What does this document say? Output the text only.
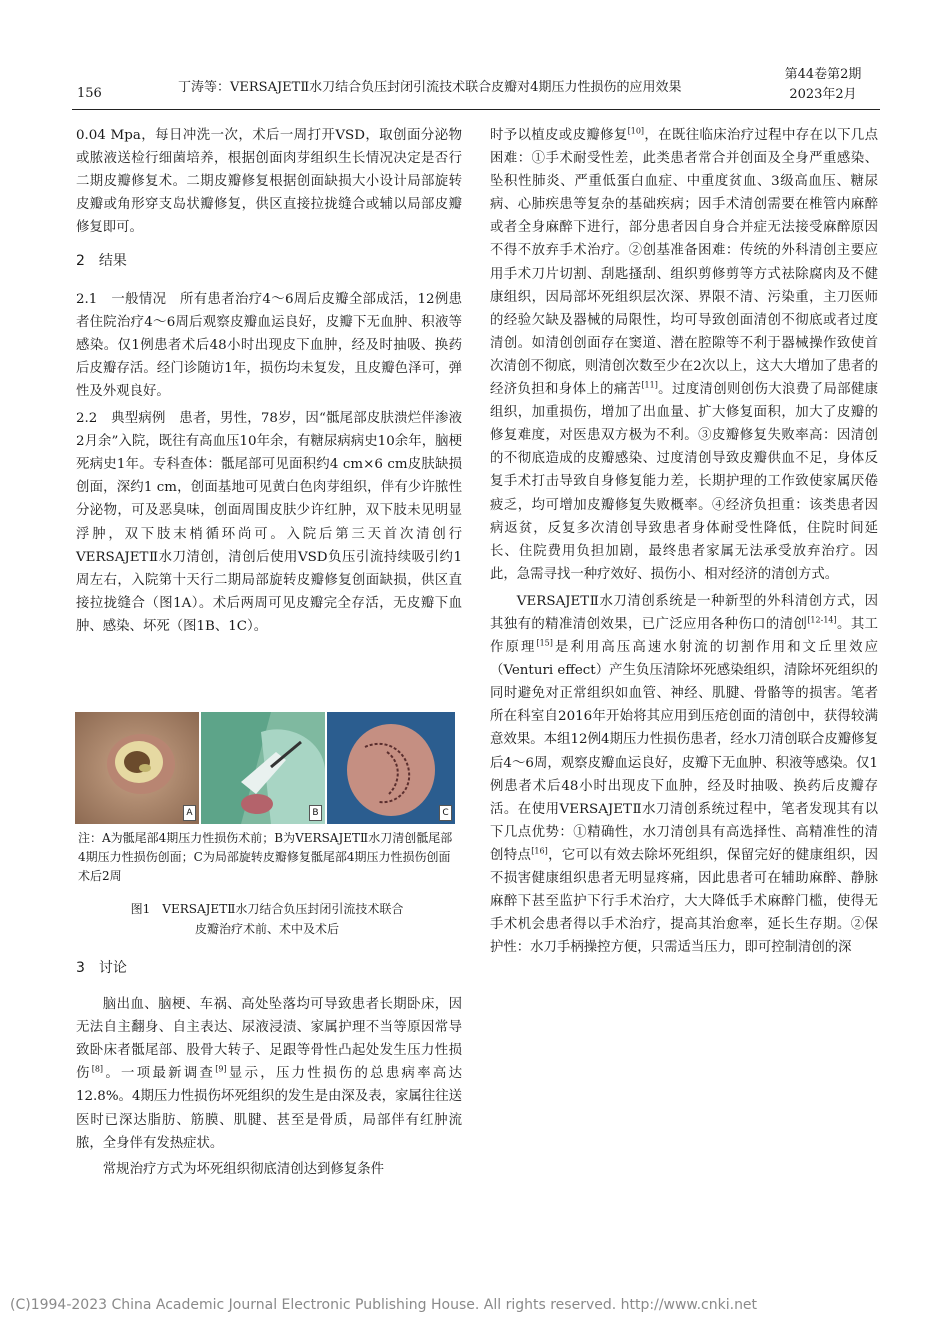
156	丁涛等：VERSAJETⅡ水刀结合负压封闭引流技术联合皮瓣对4期压力性损伤的应用效果
第44卷第2期
2023年2月

0.04 Mpa，每日冲洗一次，术后一周打开VSD，取创面分泌物或脓液送检行细菌培养，根据创面肉芽组织生长情况决定是否行二期皮瓣修复术。二期皮瓣修复根据创面缺损大小设计局部旋转皮瓣或角形穿支岛状瓣修复，供区直接拉拢缝合或辅以局部皮瓣修复即可。

2　结果

2.1　一般情况　所有患者治疗4～6周后皮瓣全部成活，12例患者住院治疗4～6周后观察皮瓣血运良好，皮瓣下无血肿、积液等感染。仅1例患者术后48小时出现皮下血肿，经及时抽吸、换药后皮瓣存活。经门诊随访1年，损伤均未复发，且皮瓣色泽可，弹性及外观良好。

2.2　典型病例　患者，男性，78岁，因“骶尾部皮肤溃烂伴渗液2月余”入院，既往有高血压10年余，有糖尿病病史10余年，脑梗死病史1年。专科查体：骶尾部可见面积约4 cm×6 cm皮肤缺损创面，深约1 cm，创面基地可见黄白色肉芽组织，伴有少许脓性分泌物，可及恶臭味，创面周围皮肤少许红肿，双下肢未见明显浮肿，双下肢末梢循环尚可。入院后第三天首次清创行VERSAJETⅡ水刀清创，清创后使用VSD负压引流持续吸引约1周左右，入院第十天行二期局部旋转皮瓣修复创面缺损，供区直接拉拢缝合（图1A）。术后两周可见皮瓣完全存活，无皮瓣下血肿、感染、坏死（图1B、1C）。

A	B	C
注：A为骶尾部4期压力性损伤术前；B为VERSAJETⅡ水刀清创骶尾部4期压力性损伤创面；C为局部旋转皮瓣修复骶尾部4期压力性损伤创面术后2周
图1　VERSAJETⅡ水刀结合负压封闭引流技术联合
皮瓣治疗术前、术中及术后

3　讨论

脑出血、脑梗、车祸、高处坠落均可导致患者长期卧床，因无法自主翻身、自主表达、尿液浸渍、家属护理不当等原因常导致卧床者骶尾部、股骨大转子、足跟等骨性凸起处发生压力性损伤[8]。一项最新调查[9]显示，压力性损伤的总患病率高达12.8%。4期压力性损伤坏死组织的发生是由深及表，家属往往送医时已深达脂肪、筋膜、肌腱、甚至是骨质，局部伴有红肿流脓，全身伴有发热症状。

常规治疗方式为坏死组织彻底清创达到修复条件

时予以植皮或皮瓣修复[10]，在既往临床治疗过程中存在以下几点困难：①手术耐受性差，此类患者常合并创面及全身严重感染、坠积性肺炎、严重低蛋白血症、中重度贫血、3级高血压、糖尿病、心肺疾患等复杂的基础疾病；因手术清创需要在椎管内麻醉或者全身麻醉下进行，部分患者因自身合并症无法接受麻醉原因不得不放弃手术治疗。②创基准备困难：传统的外科清创主要应用手术刀片切割、刮匙搔刮、组织剪修剪等方式祛除腐肉及不健康组织，因局部坏死组织层次深、界限不清、污染重，主刀医师的经验欠缺及器械的局限性，均可导致创面清创不彻底或者过度清创。如清创创面存在窦道、潜在腔隙等不利于器械操作致使首次清创不彻底，则清创次数至少在2次以上，这大大增加了患者的经济负担和身体上的痛苦[11]。过度清创则创伤大浪费了局部健康组织，加重损伤，增加了出血量、扩大修复面积，加大了皮瓣的修复难度，对医患双方极为不利。③皮瓣修复失败率高：因清创的不彻底造成的皮瓣感染、过度清创导致皮瓣供血不足，身体反复手术打击导致自身修复能力差，长期护理的工作致使家属厌倦疲乏，均可增加皮瓣修复失败概率。④经济负担重：该类患者因病返贫，反复多次清创导致患者身体耐受性降低，住院时间延长、住院费用负担加剧，最终患者家属无法承受放弃治疗。因此，急需寻找一种疗效好、损伤小、相对经济的清创方式。

VERSAJETⅡ水刀清创系统是一种新型的外科清创方式，因其独有的精准清创效果，已广泛应用各种伤口的清创[12-14]。其工作原理[15]是利用高压高速水射流的切割作用和文丘里效应（Venturi effect）产生负压清除坏死感染组织，清除坏死组织的同时避免对正常组织如血管、神经、肌腱、骨骼等的损害。笔者所在科室自2016年开始将其应用到压疮创面的清创中，获得较满意效果。本组12例4期压力性损伤患者，经水刀清创联合皮瓣修复后4～6周，观察皮瓣血运良好，皮瓣下无血肿、积液等感染。仅1例患者术后48小时出现皮下血肿，经及时抽吸、换药后皮瓣存活。在使用VERSAJETⅡ水刀清创系统过程中，笔者发现其有以下几点优势：①精确性，水刀清创具有高选择性、高精准性的清创特点[16]，它可以有效去除坏死组织，保留完好的健康组织，因不损害健康组织患者无明显疼痛，因此患者可在辅助麻醉、静脉麻醉下甚至监护下行手术治疗，大大降低手术麻醉门槛，使得无手术机会患者得以手术治疗，提高其治愈率，延长生存期。②保护性：水刀手柄操控方便，只需适当压力，即可控制清创的深

(C)1994-2023 China Academic Journal Electronic Publishing House. All rights reserved. http://www.cnki.net
